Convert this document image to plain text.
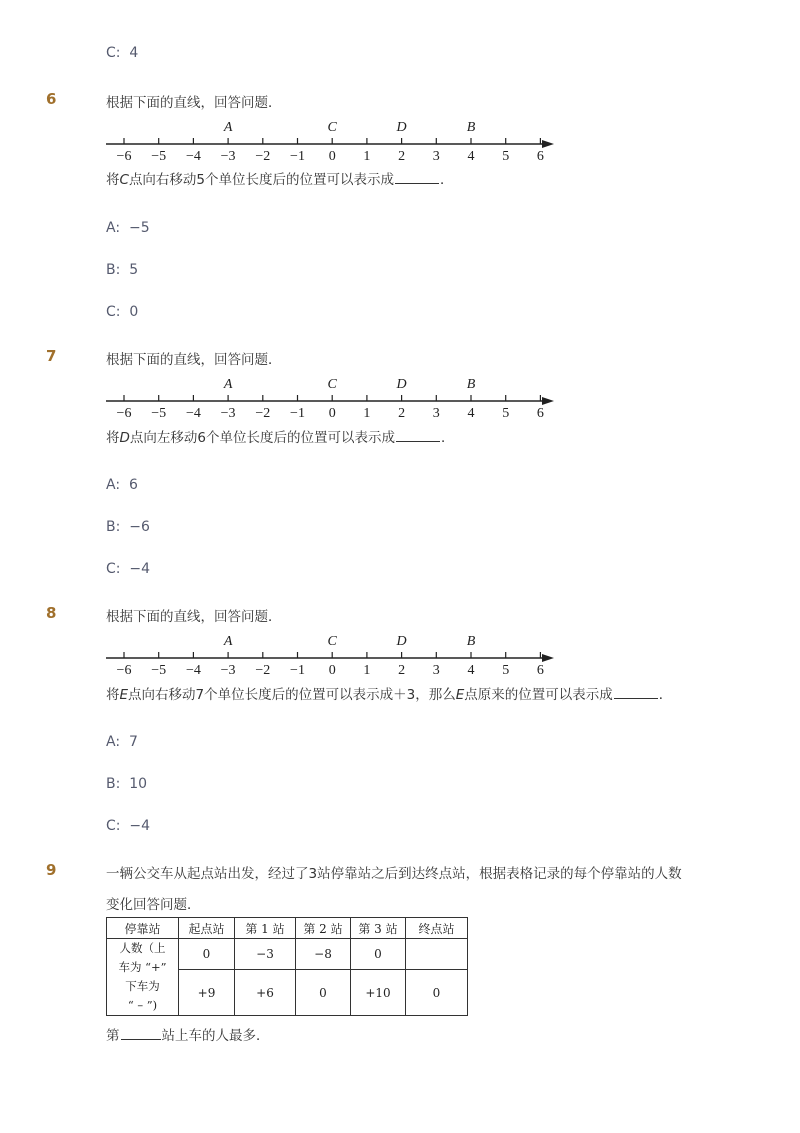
C: 4
6	根据下面的直线，回答问题．
−6 −5 −4 −3 −2 −1 0 1 2 3 4 5 6
A	C	D	B
将C点向右移动5个单位长度后的位置可以表示成	．
A: −5
B: 5
C: 0
7	根据下面的直线，回答问题．
−6 −5 −4 −3 −2 −1 0 1 2 3 4 5 6
A	C	D	B
将D点向左移动6个单位长度后的位置可以表示成	．
A: 6
B: −6
C: −4
8	根据下面的直线，回答问题．
−6 −5 −4 −3 −2 −1 0 1 2 3 4 5 6
A	C	D	B
将E点向右移动7个单位长度后的位置可以表示成＋3，那么E点原来的位置可以表示成	．
A: 7
B: 10
C: −4
9	一辆公交车从起点站出发，经过了3站停靠站之后到达终点站，根据表格记录的每个停靠站的人数
变化回答问题．
停靠站	起点站	第 1 站	第 2 站	第 3 站	终点站

人数（上
车为 “+”
下车为
“ – ”)	0	−3	−8	0	
	+9	+6	0	+10	0
第	站上车的人最多．
